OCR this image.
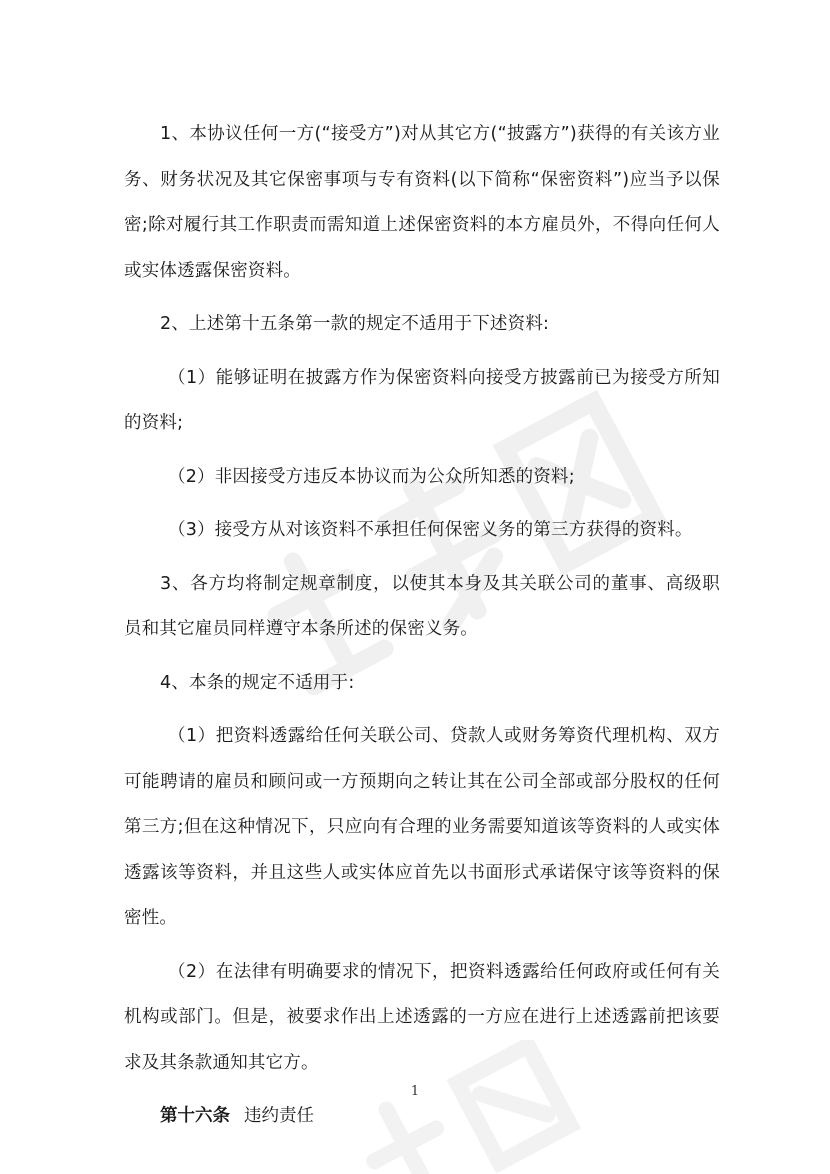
1、本协议任何一方(“接受方”)对从其它方(“披露方”)获得的有关该方业务、财务状况及其它保密事项与专有资料(以下简称“保密资料”)应当予以保密;除对履行其工作职责而需知道上述保密资料的本方雇员外，不得向任何人或实体透露保密资料。

2、上述第十五条第一款的规定不适用于下述资料:

（1）能够证明在披露方作为保密资料向接受方披露前已为接受方所知的资料;

（2）非因接受方违反本协议而为公众所知悉的资料;

（3）接受方从对该资料不承担任何保密义务的第三方获得的资料。

3、各方均将制定规章制度，以使其本身及其关联公司的董事、高级职员和其它雇员同样遵守本条所述的保密义务。

4、本条的规定不适用于:

（1）把资料透露给任何关联公司、贷款人或财务筹资代理机构、双方可能聘请的雇员和顾问或一方预期向之转让其在公司全部或部分股权的任何第三方;但在这种情况下，只应向有合理的业务需要知道该等资料的人或实体透露该等资料，并且这些人或实体应首先以书面形式承诺保守该等资料的保密性。

（2）在法律有明确要求的情况下，把资料透露给任何政府或任何有关机构或部门。但是，被要求作出上述透露的一方应在进行上述透露前把该要求及其条款通知其它方。

第十六条 违约责任

1
